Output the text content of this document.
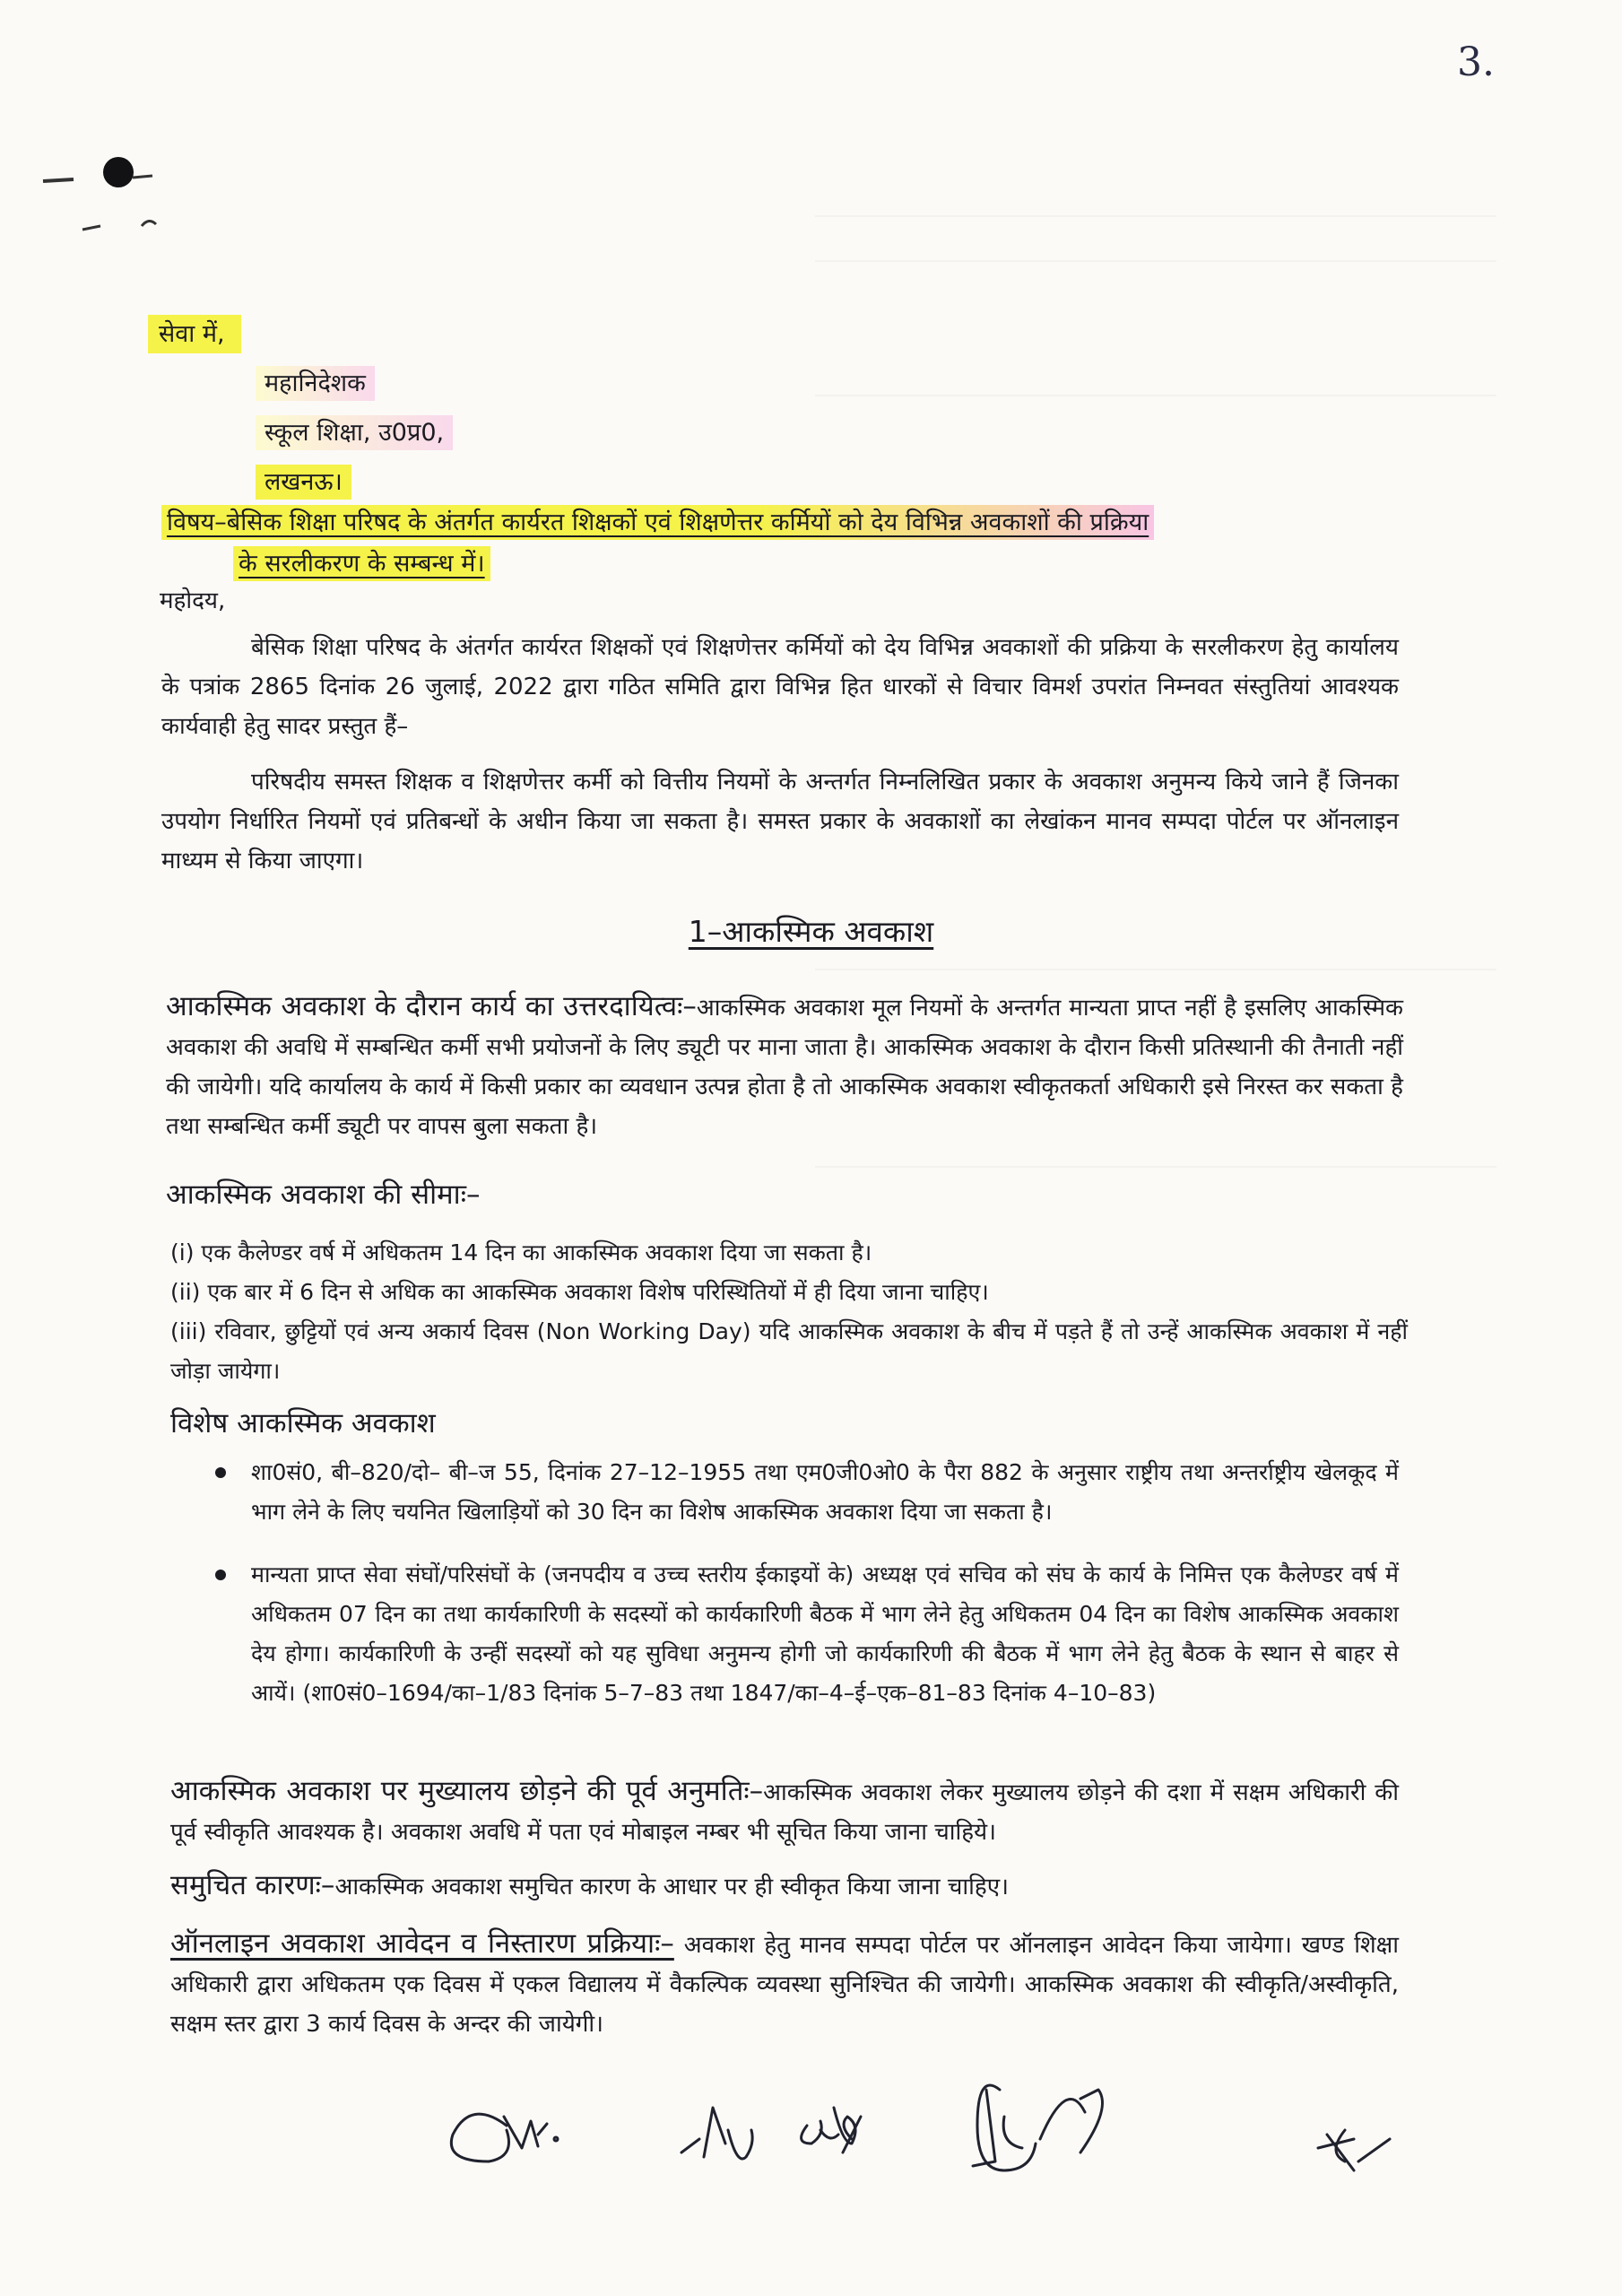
3.
सेवा में,
महानिदेशक
स्कूल शिक्षा, उ0प्र0,
लखनऊ।
विषय–बेसिक शिक्षा परिषद के अंतर्गत कार्यरत शिक्षकों एवं शिक्षणेत्तर कर्मियों को देय विभिन्न अवकाशों की प्रक्रिया
के सरलीकरण के सम्बन्ध में।
महोदय,
बेसिक शिक्षा परिषद के अंतर्गत कार्यरत शिक्षकों एवं शिक्षणेत्तर कर्मियों को देय विभिन्न अवकाशों की प्रक्रिया के सरलीकरण हेतु कार्यालय के पत्रांक 2865 दिनांक 26 जुलाई, 2022 द्वारा गठित समिति द्वारा विभिन्न हित धारकों से विचार विमर्श उपरांत निम्नवत संस्तुतियां आवश्यक कार्यवाही हेतु सादर प्रस्तुत हैं–
परिषदीय समस्त शिक्षक व शिक्षणेत्तर कर्मी को वित्तीय नियमों के अन्तर्गत निम्नलिखित प्रकार के अवकाश अनुमन्य किये जाने हैं जिनका उपयोग निर्धारित नियमों एवं प्रतिबन्धों के अधीन किया जा सकता है। समस्त प्रकार के अवकाशों का लेखांकन मानव सम्पदा पोर्टल पर ऑनलाइन माध्यम से किया जाएगा।
1–आकस्मिक अवकाश
आकस्मिक अवकाश के दौरान कार्य का उत्तरदायित्वः–आकस्मिक अवकाश मूल नियमों के अन्तर्गत मान्यता प्राप्त नहीं है इसलिए आकस्मिक अवकाश की अवधि में सम्बन्धित कर्मी सभी प्रयोजनों के लिए ड्यूटी पर माना जाता है। आकस्मिक अवकाश के दौरान किसी प्रतिस्थानी की तैनाती नहीं की जायेगी। यदि कार्यालय के कार्य में किसी प्रकार का व्यवधान उत्पन्न होता है तो आकस्मिक अवकाश स्वीकृतकर्ता अधिकारी इसे निरस्त कर सकता है तथा सम्बन्धित कर्मी ड्यूटी पर वापस बुला सकता है।
आकस्मिक अवकाश की सीमाः–
(i) एक कैलेण्डर वर्ष में अधिकतम 14 दिन का आकस्मिक अवकाश दिया जा सकता है।
(ii) एक बार में 6 दिन से अधिक का आकस्मिक अवकाश विशेष परिस्थितियों में ही दिया जाना चाहिए।
(iii) रविवार, छुट्टियों एवं अन्य अकार्य दिवस (Non Working Day) यदि आकस्मिक अवकाश के बीच में पड़ते हैं तो उन्हें आकस्मिक अवकाश में नहीं जोड़ा जायेगा।
विशेष आकस्मिक अवकाश
शा0सं0, बी–820/दो– बी–ज 55, दिनांक 27–12–1955 तथा एम0जी0ओ0 के पैरा 882 के अनुसार राष्ट्रीय तथा अन्तर्राष्ट्रीय खेलकूद में भाग लेने के लिए चयनित खिलाड़ियों को 30 दिन का विशेष आकस्मिक अवकाश दिया जा सकता है।
मान्यता प्राप्त सेवा संघों/परिसंघों के (जनपदीय व उच्च स्तरीय ईकाइयों के) अध्यक्ष एवं सचिव को संघ के कार्य के निमित्त एक कैलेण्डर वर्ष में अधिकतम 07 दिन का तथा कार्यकारिणी के सदस्यों को कार्यकारिणी बैठक में भाग लेने हेतु अधिकतम 04 दिन का विशेष आकस्मिक अवकाश देय होगा। कार्यकारिणी के उन्हीं सदस्यों को यह सुविधा अनुमन्य होगी जो कार्यकारिणी की बैठक में भाग लेने हेतु बैठक के स्थान से बाहर से आयें। (शा0सं0–1694/का–1/83 दिनांक 5–7–83 तथा 1847/का–4–ई–एक–81–83 दिनांक 4–10–83)
आकस्मिक अवकाश पर मुख्यालय छोड़ने की पूर्व अनुमतिः–आकस्मिक अवकाश लेकर मुख्यालय छोड़ने की दशा में सक्षम अधिकारी की पूर्व स्वीकृति आवश्यक है। अवकाश अवधि में पता एवं मोबाइल नम्बर भी सूचित किया जाना चाहिये।
समुचित कारणः–आकस्मिक अवकाश समुचित कारण के आधार पर ही स्वीकृत किया जाना चाहिए।
ऑनलाइन अवकाश आवेदन व निस्तारण प्रक्रियाः– अवकाश हेतु मानव सम्पदा पोर्टल पर ऑनलाइन आवेदन किया जायेगा। खण्ड शिक्षा अधिकारी द्वारा अधिकतम एक दिवस में एकल विद्यालय में वैकल्पिक व्यवस्था सुनिश्चित की जायेगी। आकस्मिक अवकाश की स्वीकृति/अस्वीकृति, सक्षम स्तर द्वारा 3 कार्य दिवस के अन्दर की जायेगी।
